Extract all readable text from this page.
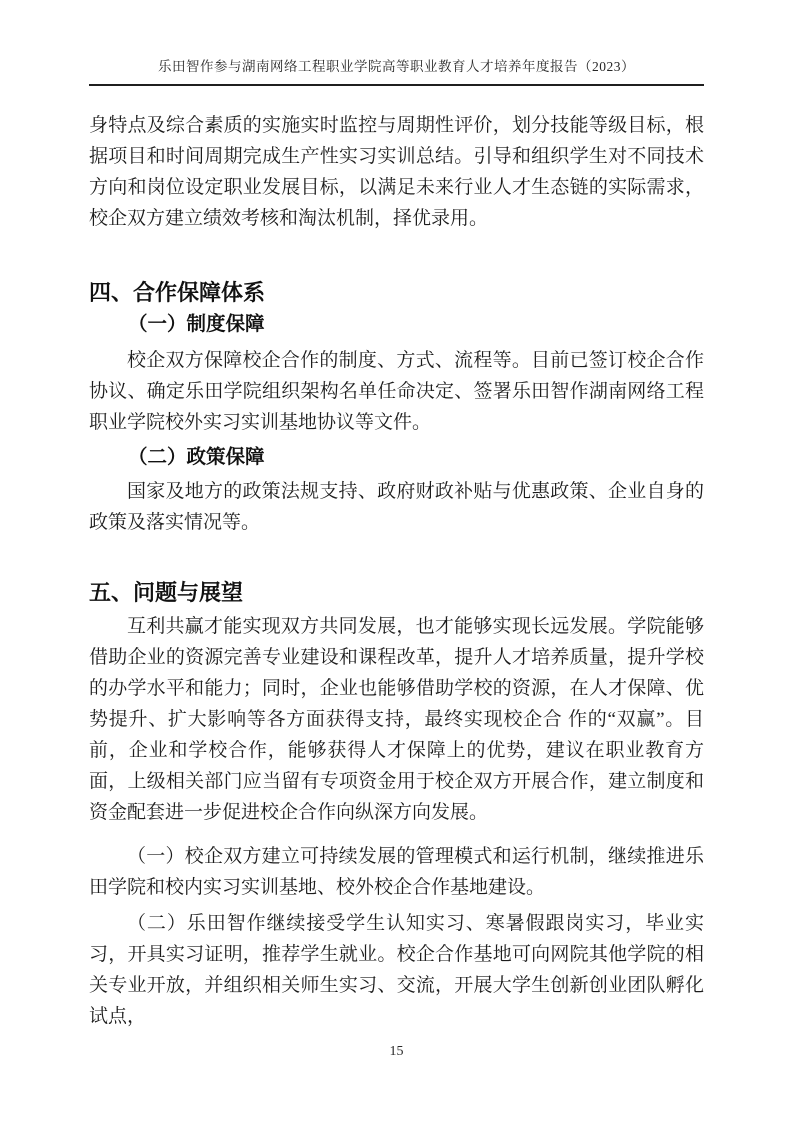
乐田智作参与湖南网络工程职业学院高等职业教育人才培养年度报告（2023）

身特点及综合素质的实施实时监控与周期性评价，划分技能等级目标，根据项目和时间周期完成生产性实习实训总结。引导和组织学生对不同技术方向和岗位设定职业发展目标，以满足未来行业人才生态链的实际需求，校企双方建立绩效考核和淘汰机制，择优录用。

四、合作保障体系
（一）制度保障

校企双方保障校企合作的制度、方式、流程等。目前已签订校企合作协议、确定乐田学院组织架构名单任命决定、签署乐田智作湖南网络工程职业学院校外实习实训基地协议等文件。

（二）政策保障

国家及地方的政策法规支持、政府财政补贴与优惠政策、企业自身的政策及落实情况等。

五、问题与展望

互利共赢才能实现双方共同发展，也才能够实现长远发展。学院能够借助企业的资源完善专业建设和课程改革，提升人才培养质量，提升学校的办学水平和能力；同时，企业也能够借助学校的资源，在人才保障、优势提升、扩大影响等各方面获得支持，最终实现校企合 作的“双赢”。目前，企业和学校合作，能够获得人才保障上的优势，建议在职业教育方面，上级相关部门应当留有专项资金用于校企双方开展合作，建立制度和资金配套进一步促进校企合作向纵深方向发展。

（一）校企双方建立可持续发展的管理模式和运行机制，继续推进乐田学院和校内实习实训基地、校外校企合作基地建设。

（二）乐田智作继续接受学生认知实习、寒暑假跟岗实习，毕业实习，开具实习证明，推荐学生就业。校企合作基地可向网院其他学院的相关专业开放，并组织相关师生实习、交流，开展大学生创新创业团队孵化试点，

15
